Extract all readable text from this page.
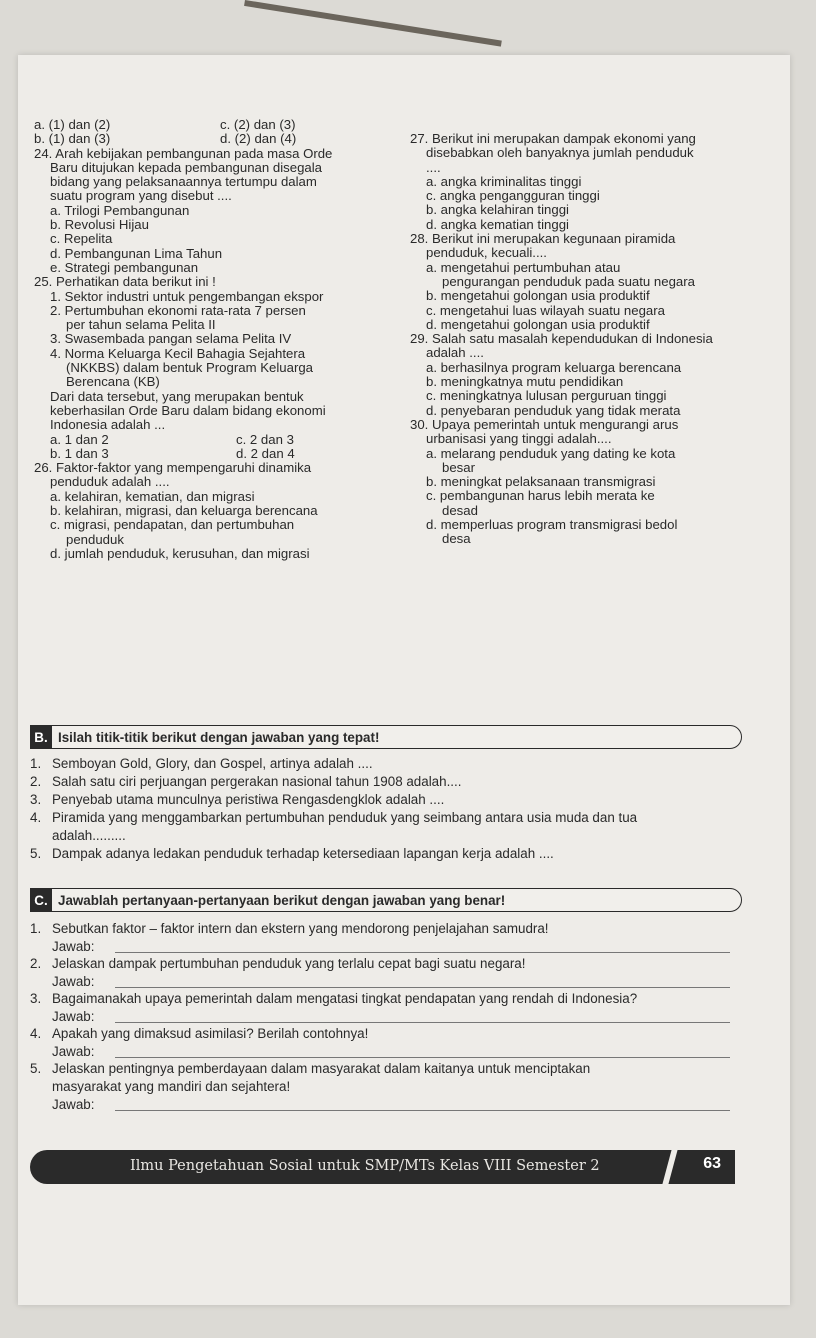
a. (1) dan (2)	c. (2) dan (3)
b. (1) dan (3)	d. (2) dan (4)
24. Arah kebijakan pembangunan pada masa Orde
Baru ditujukan kepada pembangunan disegala
bidang yang pelaksanaannya tertumpu dalam
suatu program yang disebut ....
a. Trilogi Pembangunan
b. Revolusi Hijau
c. Repelita
d. Pembangunan Lima Tahun
e. Strategi pembangunan
25. Perhatikan data berikut ini !
1. Sektor industri untuk pengembangan ekspor
2. Pertumbuhan ekonomi rata-rata 7 persen
per tahun selama Pelita II
3. Swasembada pangan selama Pelita IV
4. Norma Keluarga Kecil Bahagia Sejahtera
(NKKBS) dalam bentuk Program Keluarga
Berencana (KB)
Dari data tersebut, yang merupakan bentuk
keberhasilan Orde Baru dalam bidang ekonomi
Indonesia adalah ...
a. 1 dan 2	c. 2 dan 3
b. 1 dan 3	d. 2 dan 4
26. Faktor-faktor yang mempengaruhi dinamika
penduduk adalah ....
a. kelahiran, kematian, dan migrasi
b. kelahiran, migrasi, dan keluarga berencana
c. migrasi, pendapatan, dan pertumbuhan
penduduk
d. jumlah penduduk, kerusuhan, dan migrasi
27. Berikut ini merupakan dampak ekonomi yang
disebabkan oleh banyaknya jumlah penduduk
....
a. angka kriminalitas tinggi
c. angka pengangguran tinggi
b. angka kelahiran tinggi
d. angka kematian tinggi
28. Berikut ini merupakan kegunaan piramida
penduduk, kecuali....
a. mengetahui pertumbuhan atau
pengurangan penduduk pada suatu negara
b. mengetahui golongan usia produktif
c. mengetahui luas wilayah suatu negara
d. mengetahui golongan usia produktif
29. Salah satu masalah kependudukan di Indonesia
adalah ....
a. berhasilnya program keluarga berencana
b. meningkatnya mutu pendidikan
c. meningkatnya lulusan perguruan tinggi
d. penyebaran penduduk yang tidak merata
30. Upaya pemerintah untuk mengurangi arus
urbanisasi yang tinggi adalah....
a. melarang penduduk yang dating ke kota
besar
b. meningkat pelaksanaan transmigrasi
c. pembangunan harus lebih merata ke
desad
d. memperluas program transmigrasi bedol
desa
B. Isilah titik-titik berikut dengan jawaban yang tepat!
1. Semboyan Gold, Glory, dan Gospel, artinya adalah ....
2. Salah satu ciri perjuangan pergerakan nasional tahun 1908 adalah....
3. Penyebab utama munculnya peristiwa Rengasdengklok adalah ....
4. Piramida yang menggambarkan pertumbuhan penduduk yang seimbang antara usia muda dan tua
adalah.........
5. Dampak adanya ledakan penduduk terhadap ketersediaan lapangan kerja adalah ....
C. Jawablah pertanyaan-pertanyaan berikut dengan jawaban yang benar!
1. Sebutkan faktor – faktor intern dan ekstern yang mendorong penjelajahan samudra!
Jawab:
2. Jelaskan dampak pertumbuhan penduduk yang terlalu cepat bagi suatu negara!
Jawab:
3. Bagaimanakah upaya pemerintah dalam mengatasi tingkat pendapatan yang rendah di Indonesia?
Jawab:
4. Apakah yang dimaksud asimilasi? Berilah contohnya!
Jawab:
5. Jelaskan pentingnya pemberdayaan dalam masyarakat dalam kaitanya untuk menciptakan
masyarakat yang mandiri dan sejahtera!
Jawab:
Ilmu Pengetahuan Sosial untuk SMP/MTs Kelas VIII Semester 2	63
